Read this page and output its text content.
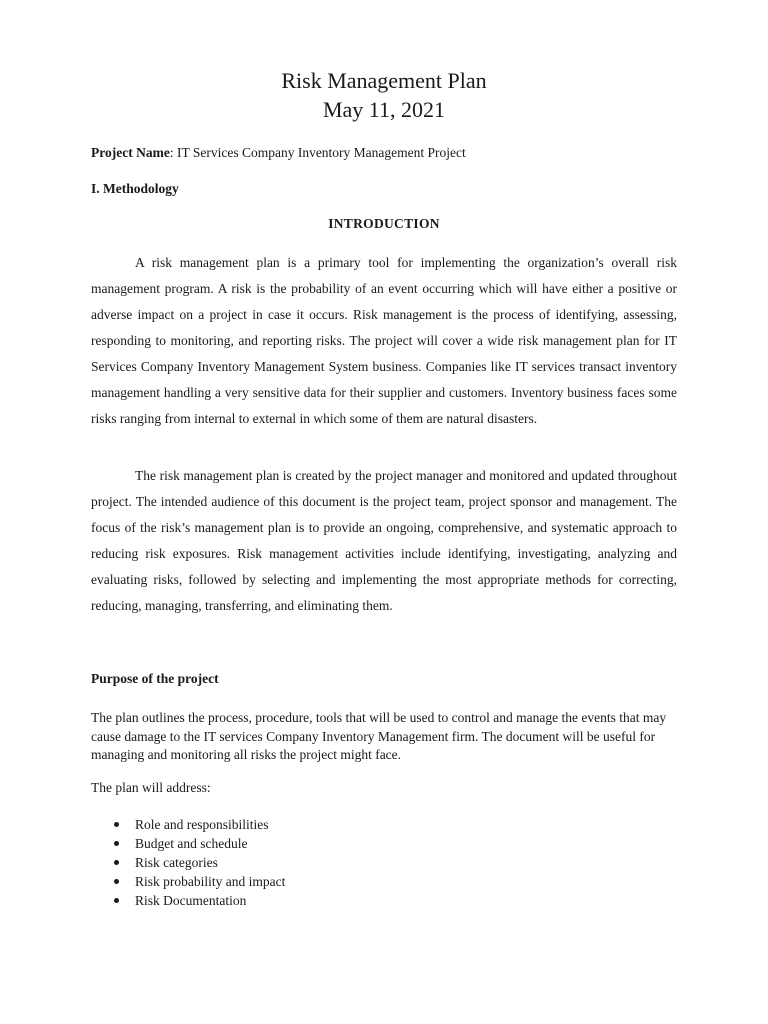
Risk Management Plan
May 11, 2021

Project Name: IT Services Company Inventory Management Project

I. Methodology

INTRODUCTION

A risk management plan is a primary tool for implementing the organization’s overall risk management program. A risk is the probability of an event occurring which will have either a positive or adverse impact on a project in case it occurs. Risk management is the process of identifying, assessing, responding to monitoring, and reporting risks. The project will cover a wide risk management plan for IT Services Company Inventory Management System business. Companies like IT services transact inventory management handling a very sensitive data for their supplier and customers. Inventory business faces some risks ranging from internal to external in which some of them are natural disasters.

The risk management plan is created by the project manager and monitored and updated throughout project. The intended audience of this document is the project team, project sponsor and management. The focus of the risk’s management plan is to provide an ongoing, comprehensive, and systematic approach to reducing risk exposures. Risk management activities include identifying, investigating, analyzing and evaluating risks, followed by selecting and implementing the most appropriate methods for correcting, reducing, managing, transferring, and eliminating them.

Purpose of the project

The plan outlines the process, procedure, tools that will be used to control and manage the events that may cause damage to the IT services Company Inventory Management firm. The document will be useful for managing and monitoring all risks the project might face.

The plan will address:

Role and responsibilities
Budget and schedule
Risk categories
Risk probability and impact
Risk Documentation
